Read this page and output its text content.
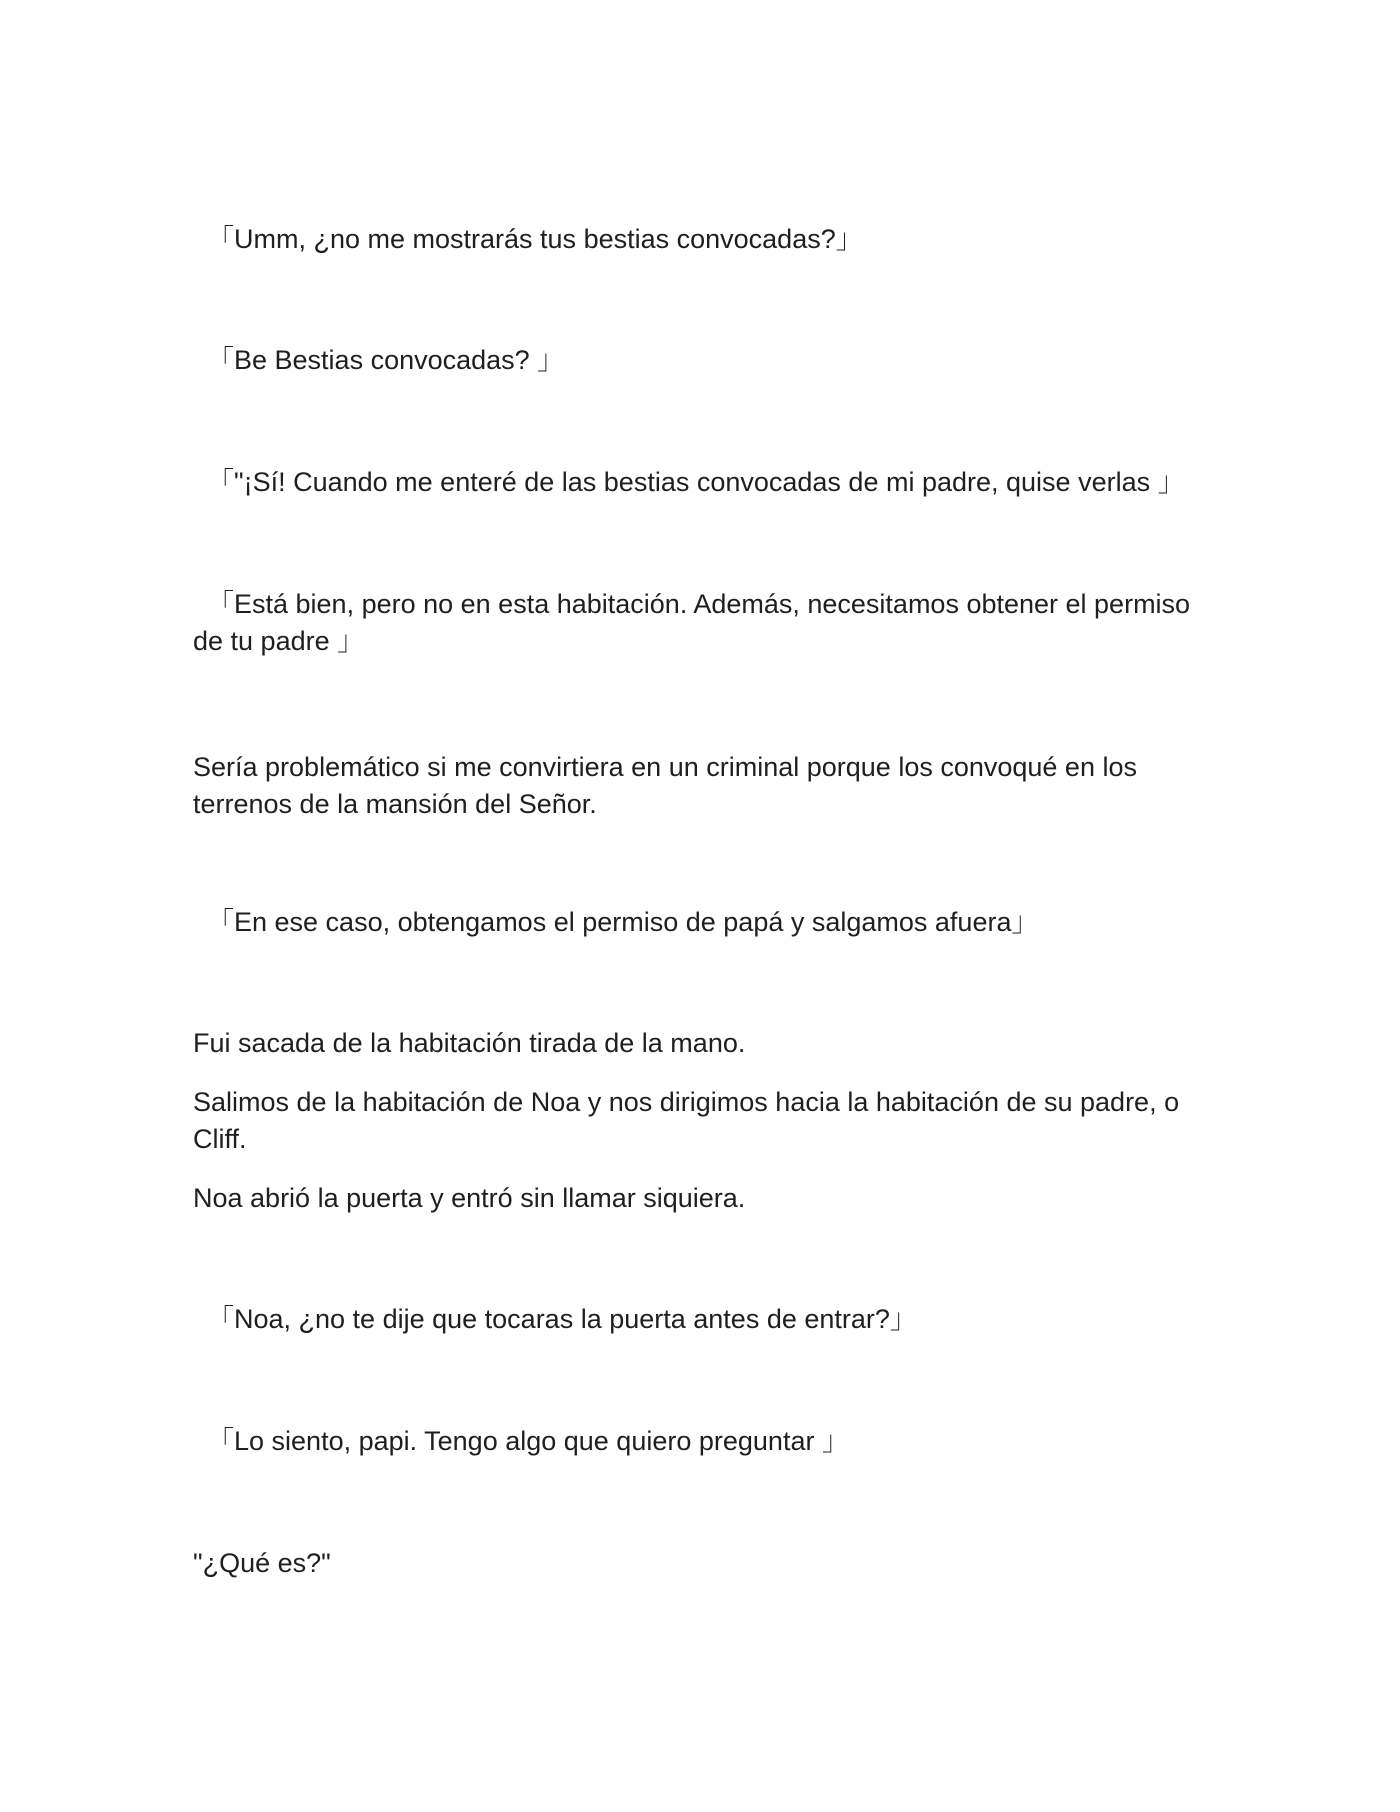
「Umm, ¿no me mostrarás tus bestias convocadas?」

「Be Bestias convocadas? 」

「"¡Sí! Cuando me enteré de las bestias convocadas de mi padre, quise verlas 」

「Está bien, pero no en esta habitación. Además, necesitamos obtener el permiso de tu padre 」

Sería problemático si me convirtiera en un criminal porque los convoqué en los terrenos de la mansión del Señor.

「En ese caso, obtengamos el permiso de papá y salgamos afuera」

Fui sacada de la habitación tirada de la mano.

Salimos de la habitación de Noa y nos dirigimos hacia la habitación de su padre, o Cliff.

Noa abrió la puerta y entró sin llamar siquiera.

「Noa, ¿no te dije que tocaras la puerta antes de entrar?」

「Lo siento, papi. Tengo algo que quiero preguntar 」

"¿Qué es?"
